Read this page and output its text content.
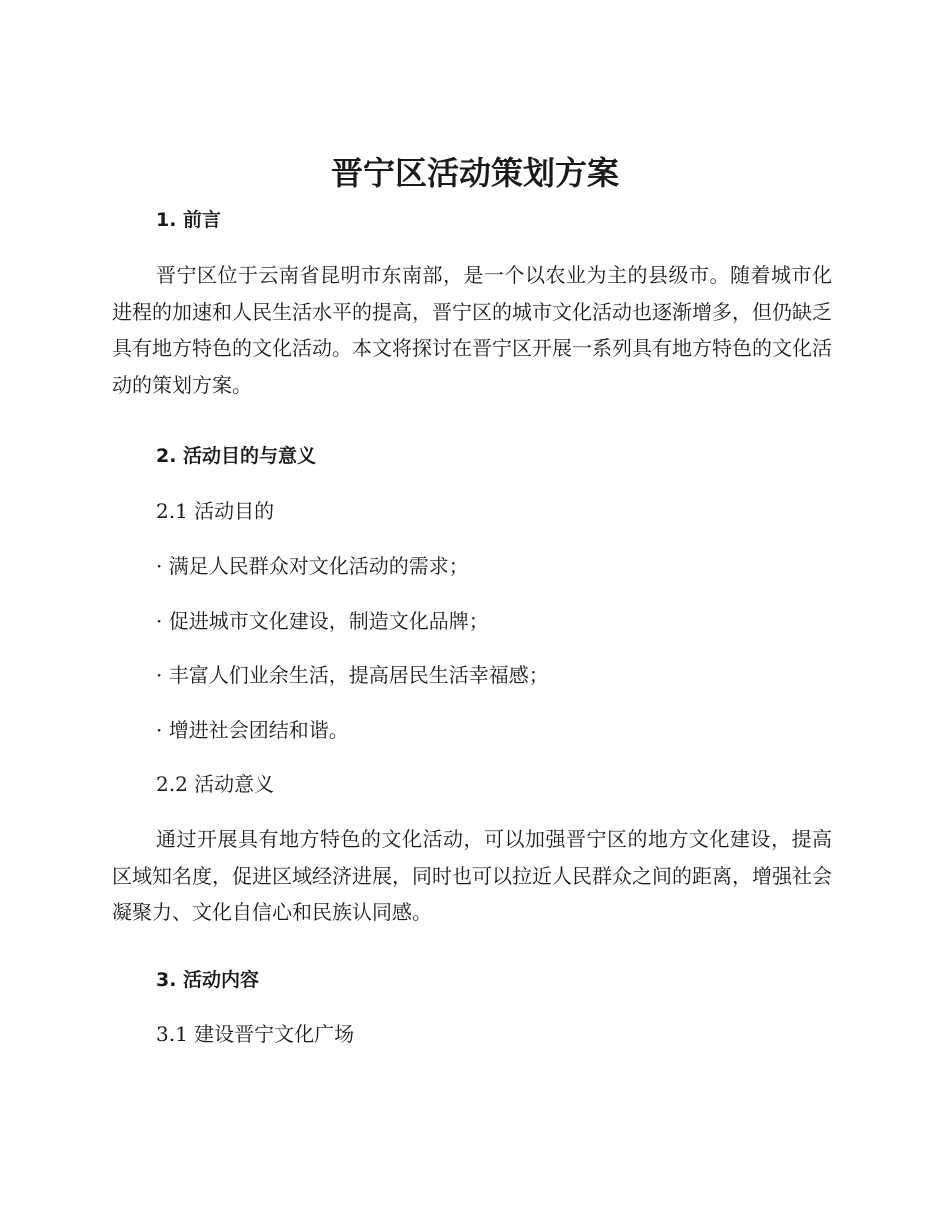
晋宁区活动策划方案

1. 前言

晋宁区位于云南省昆明市东南部，是一个以农业为主的县级市。随着城市化进程的加速和人民生活水平的提高，晋宁区的城市文化活动也逐渐增多，但仍缺乏具有地方特色的文化活动。本文将探讨在晋宁区开展一系列具有地方特色的文化活动的策划方案。

2. 活动目的与意义

2.1 活动目的

· 满足人民群众对文化活动的需求；

· 促进城市文化建设，制造文化品牌；

· 丰富人们业余生活，提高居民生活幸福感；

· 增进社会团结和谐。

2.2 活动意义

通过开展具有地方特色的文化活动，可以加强晋宁区的地方文化建设，提高区域知名度，促进区域经济进展，同时也可以拉近人民群众之间的距离，增强社会凝聚力、文化自信心和民族认同感。

3. 活动内容

3.1 建设晋宁文化广场
